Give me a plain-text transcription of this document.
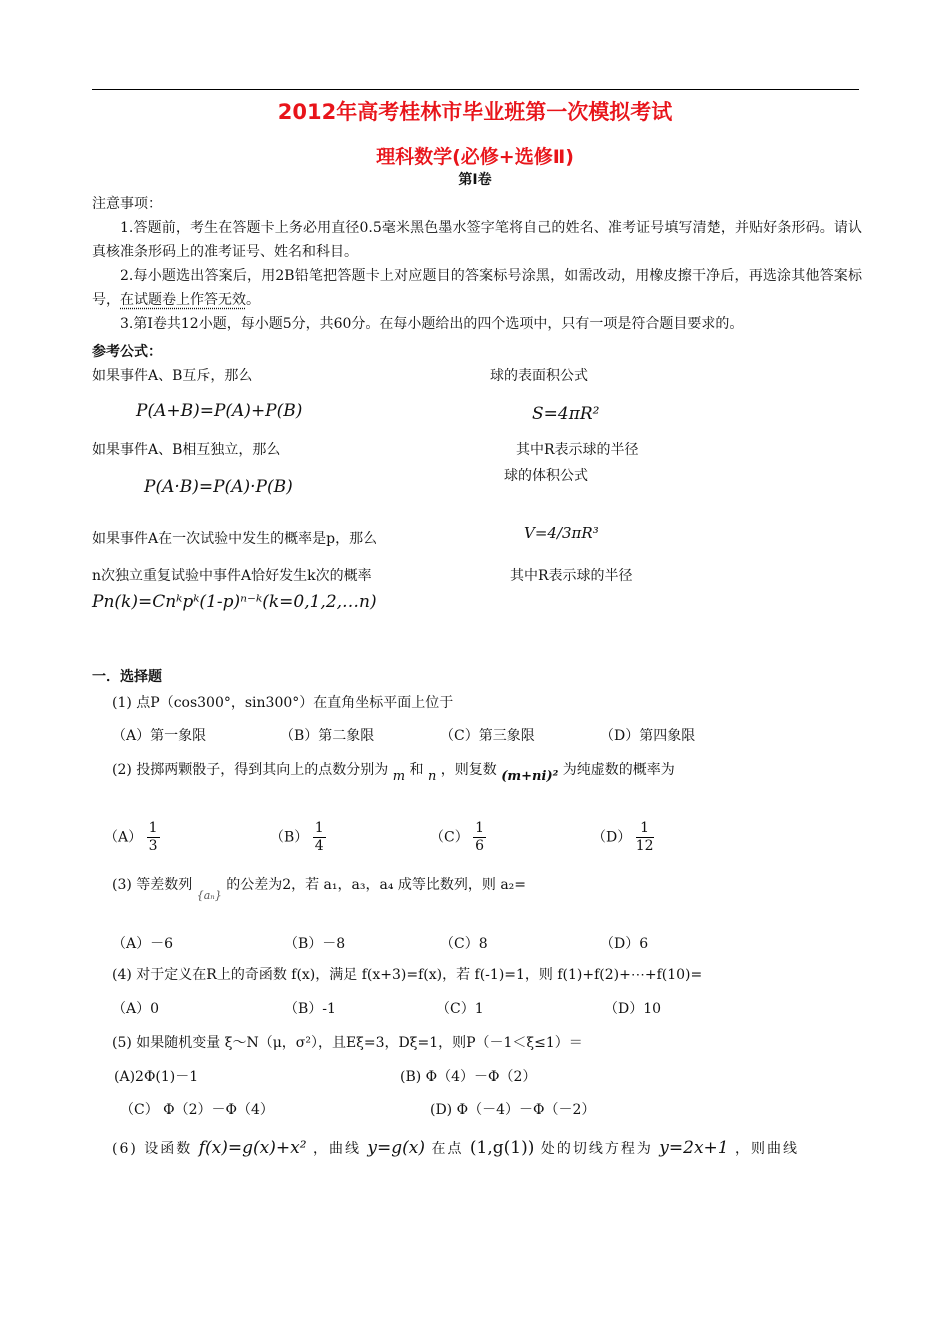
2012年高考桂林市毕业班第一次模拟考试
理科数学(必修+选修Ⅱ)
第Ⅰ卷

注意事项：

1.答题前，考生在答题卡上务必用直径0.5毫米黑色墨水签字笔将自己的姓名、准考证号填写清楚，并贴好条形码。请认真核准条形码上的准考证号、姓名和科目。

2.每小题选出答案后，用2B铅笔把答题卡上对应题目的答案标号涂黑，如需改动，用橡皮擦干净后，再选涂其他答案标号，在试题卷上作答无效。

3.第Ⅰ卷共12小题，每小题5分，共60分。在每小题给出的四个选项中，只有一项是符合题目要求的。

参考公式：
如果事件A、B互斥，那么	球的表面积公式
P(A+B)=P(A)+P(B)	S=4πR²
如果事件A、B相互独立，那么	其中R表示球的半径
球的体积公式
P(A·B)=P(A)·P(B)
如果事件A在一次试验中发生的概率是p，那么	V=4/3πR³
n次独立重复试验中事件A恰好发生k次的概率	其中R表示球的半径
Pn(k)=Cnᵏpᵏ(1-p)ⁿ⁻ᵏ(k=0,1,2,…n)
一．选择题
(1) 点P（cos300°，sin300°）在直角坐标平面上位于
（A）第一象限	（B）第二象限	（C）第三象限	（D）第四象限
(2) 投掷两颗骰子，得到其向上的点数分别为 m 和 n ，则复数 (m+ni)² 为纯虚数的概率为
$(A) \frac{1}{3}$	$(B) \frac{1}{4}$	$(C) \frac{1}{6}$	$(D) \frac{1}{12}$
(3) 等差数列 $_{\{a_n\}}$ 的公差为2，若 a₁，a₃，a₄ 成等比数列，则 a₂=
（A）－6	（B）－8	（C）8	（D）6
(4) 对于定义在R上的奇函数 f(x)，满足 f(x+3)=f(x)，若 f(-1)=1，则 f(1)+f(2)+⋯+f(10)=
（A）0	（B）-1	（C）1	（D）10
(5) 如果随机变量 ξ～N（μ，σ²），且Eξ=3，Dξ=1，则P（－1＜ξ≤1）＝
(A)2Φ(1)－1	(B) Φ（4）－Φ（2）
（C） Φ（2）－Φ（4）	(D) Φ（－4）－Φ（－2）
(6) 设函数 f(x)=g(x)+x² ，曲线 y=g(x) 在点 (1,g(1)) 处的切线方程为 y=2x+1 ，则曲线
